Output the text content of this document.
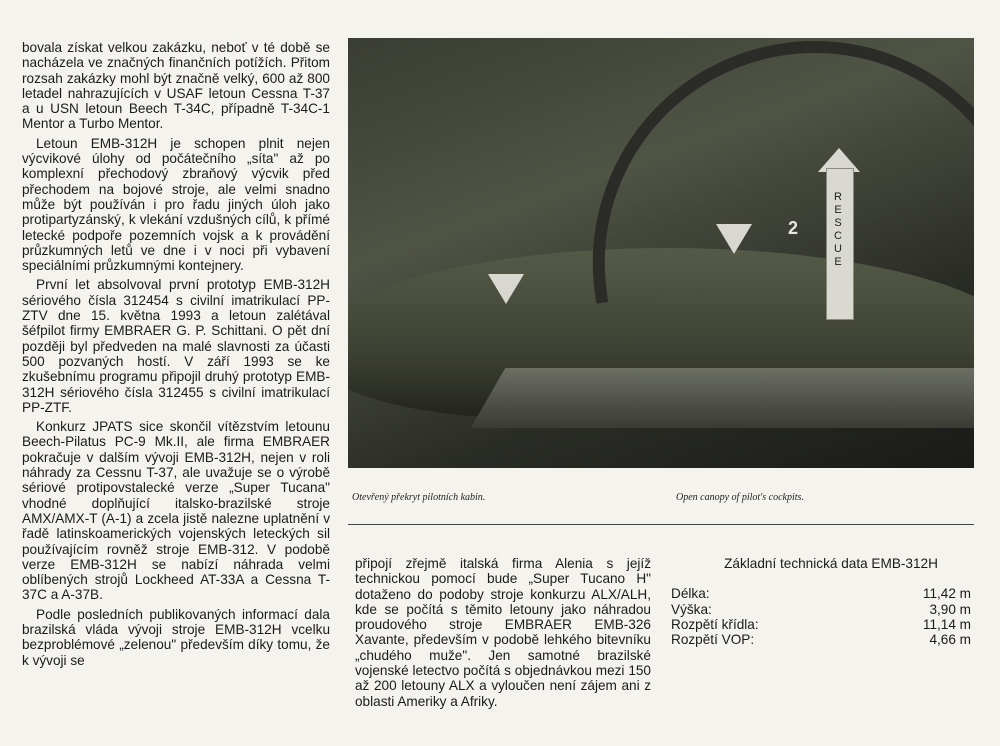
bovala získat velkou zakázku, neboť v té době se nacházela ve značných finančních potížích. Přitom rozsah zakázky mohl být značně velký, 600 až 800 letadel nahrazujících v USAF letoun Cessna T-37 a u USN letoun Beech T-34C, případně T-34C-1 Mentor a Turbo Mentor.

Letoun EMB-312H je schopen plnit nejen výcvikové úlohy od počátečního „síta" až po komplexní přechodový zbraňový výcvik před přechodem na bojové stroje, ale velmi snadno může být používán i pro řadu jiných úloh jako protipartyzánský, k vlekání vzdušných cílů, k přímé letecké podpoře pozemních vojsk a k provádění průzkumných letů ve dne i v noci při vybavení speciálními průzkumnými kontejnery.

První let absolvoval první prototyp EMB-312H sériového čísla 312454 s civilní imatrikulací PP-ZTV dne 15. května 1993 a letoun zalétával šéfpilot firmy EMBRAER G. P. Schittani. O pět dní později byl předveden na malé slavnosti za účasti 500 pozvaných hostí. V září 1993 se ke zkušebnímu programu připojil druhý prototyp EMB-312H sériového čísla 312455 s civilní imatrikulací PP-ZTF.

Konkurz JPATS sice skončil vítězstvím letounu Beech-Pilatus PC-9 Mk.II, ale firma EMBRAER pokračuje v dalším vývoji EMB-312H, nejen v roli náhrady za Cessnu T-37, ale uvažuje se o výrobě sériové protipovstalecké verze „Super Tucana" vhodné doplňující italsko-brazilské stroje AMX/AMX-T (A-1) a zcela jistě nalezne uplatnění v řadě latinskoamerických vojenských leteckých sil používajícím rovněž stroje EMB-312. V podobě verze EMB-312H se nabízí náhrada velmi oblíbených strojů Lockheed AT-33A a Cessna T-37C a A-37B.

Podle posledních publikovaných informací dala brazilská vláda vývoji stroje EMB-312H vcelku bezproblémové „zelenou" především díky tomu, že k vývoji se

RESCUE
2
Otevřený překryt pilotních kabin.	Open canopy of pilot's cockpits.

připojí zřejmě italská firma Alenia s jejíž technickou pomocí bude „Super Tucano H" dotaženo do podoby stroje konkurzu ALX/ALH, kde se počítá s těmito letouny jako náhradou proudového stroje EMBRAER EMB-326 Xavante, především v podobě lehkého bitevníku „chudého muže". Jen samotné brazilské vojenské letectvo počítá s objednávkou mezi 150 až 200 letouny ALX a vyloučen není zájem ani z oblasti Ameriky a Afriky.

Základní technická data EMB-312H
Délka:	11,42 m
Výška:	3,90 m
Rozpětí křídla:	11,14 m
Rozpětí VOP:	4,66 m
